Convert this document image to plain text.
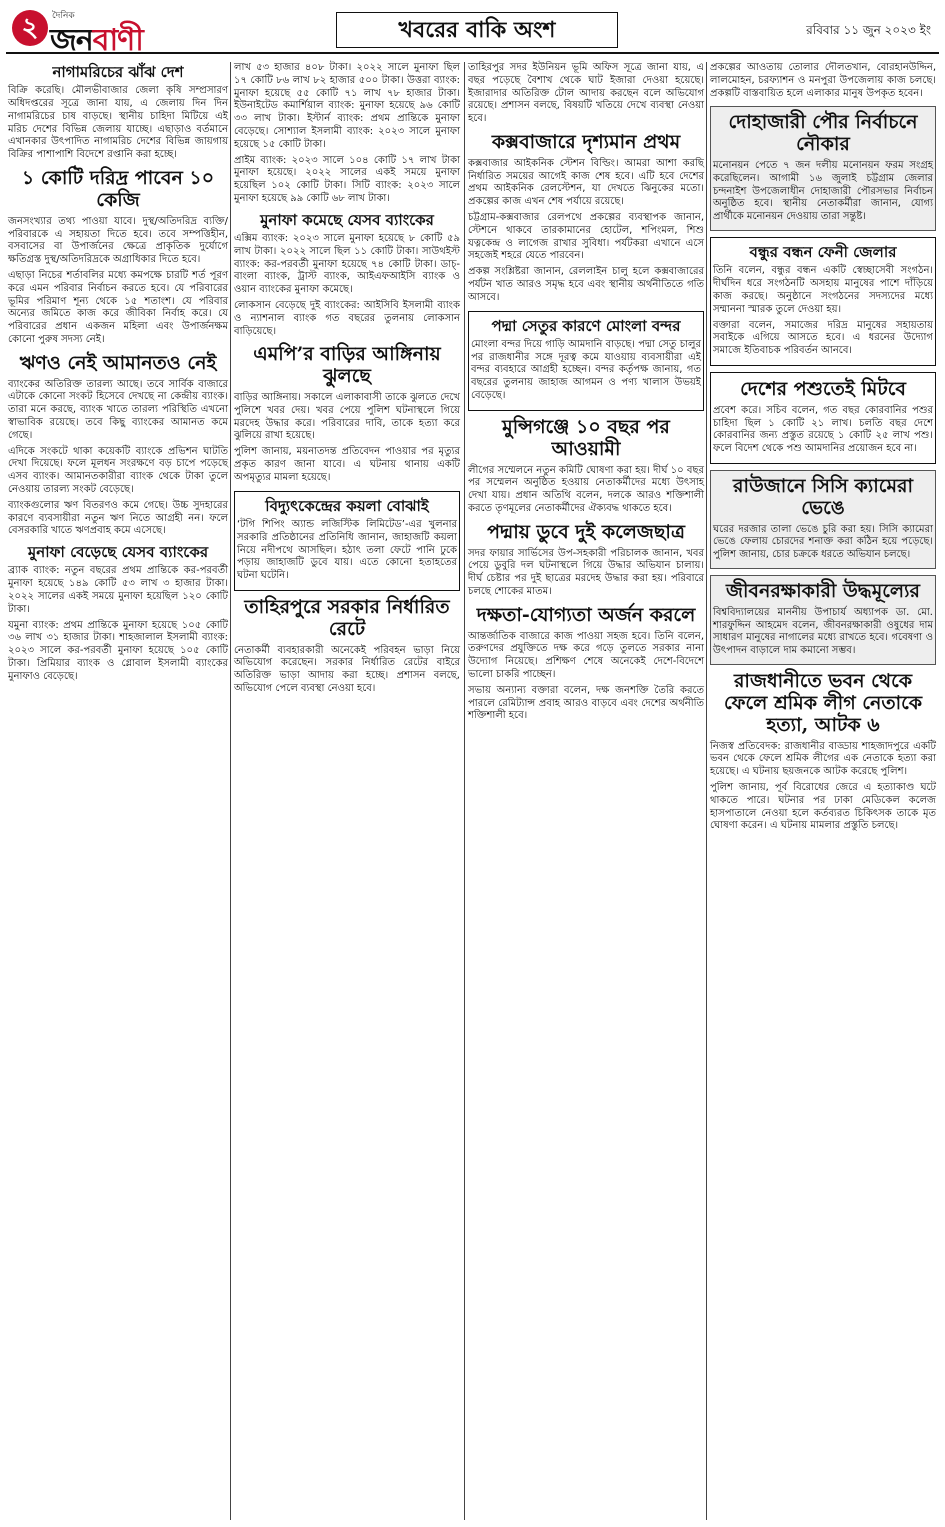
২	দৈনিক
জনবাণী	খবরের বাকি অংশ	রবিবার ১১ জুন ২০২৩ ইং
নাগামরিচের ঝাঁঝ দেশ

বিক্রি করেছি। মৌলভীবাজার জেলা কৃষি সম্প্রসারণ অধিদপ্তরের সূত্রে জানা যায়, এ জেলায় দিন দিন নাগামরিচের চাষ বাড়ছে। স্থানীয় চাহিদা মিটিয়ে এই মরিচ দেশের বিভিন্ন জেলায় যাচ্ছে। এছাড়াও বর্তমানে এখানকার উৎপাদিত নাগামরিচ দেশের বিভিন্ন জায়গায় বিক্রির পাশাপাশি বিদেশে রপ্তানি করা হচ্ছে।

১ কোটি দরিদ্র পাবেন ১০ কেজি

জনসংখ্যার তথ্য পাওয়া যাবে। দুস্থ/অতিদরিদ্র ব্যক্তি/পরিবারকে এ সহায়তা দিতে হবে। তবে সম্পত্তিহীন, বসবাসের বা উপার্জনের ক্ষেত্রে প্রাকৃতিক দুর্যোগে ক্ষতিগ্রস্ত দুস্থ/অতিদরিদ্রকে অগ্রাধিকার দিতে হবে।

এছাড়া নিচের শর্তাবলির মধ্যে কমপক্ষে চারটি শর্ত পূরণ করে এমন পরিবার নির্বাচন করতে হবে। যে পরিবারের ভূমির পরিমাণ শূন্য থেকে ১৫ শতাংশ। যে পরিবার অন্যের জমিতে কাজ করে জীবিকা নির্বাহ করে। যে পরিবারের প্রধান একজন মহিলা এবং উপার্জনক্ষম কোনো পুরুষ সদস্য নেই।

ঋণও নেই আমানতও নেই

ব্যাংকের অতিরিক্ত তারল্য আছে। তবে সার্বিক বাজারে এটাকে কোনো সংকট হিসেবে দেখছে না কেন্দ্রীয় ব্যাংক। তারা মনে করছে, ব্যাংক খাতে তারল্য পরিস্থিতি এখনো স্বাভাবিক রয়েছে। তবে কিছু ব্যাংকের আমানত কমে গেছে।

এদিকে সংকটে থাকা কয়েকটি ব্যাংকে প্রভিশন ঘাটতি দেখা দিয়েছে। ফলে মূলধন সংরক্ষণে বড় চাপে পড়েছে এসব ব্যাংক। আমানতকারীরা ব্যাংক থেকে টাকা তুলে নেওয়ায় তারল্য সংকট বেড়েছে।

ব্যাংকগুলোর ঋণ বিতরণও কমে গেছে। উচ্চ সুদহারের কারণে ব্যবসায়ীরা নতুন ঋণ নিতে আগ্রহী নন। ফলে বেসরকারি খাতে ঋণপ্রবাহ কমে এসেছে।

মুনাফা বেড়েছে যেসব ব্যাংকের

ব্র্যাক ব্যাংক: নতুন বছরের প্রথম প্রান্তিকে কর-পরবর্তী মুনাফা হয়েছে ১৪৯ কোটি ৫৩ লাখ ৩ হাজার টাকা। ২০২২ সালের একই সময়ে মুনাফা হয়েছিল ১২০ কোটি টাকা।

যমুনা ব্যাংক: প্রথম প্রান্তিকে মুনাফা হয়েছে ১০৫ কোটি ৩৬ লাখ ৩১ হাজার টাকা। শাহজালাল ইসলামী ব্যাংক: ২০২৩ সালে কর-পরবর্তী মুনাফা হয়েছে ১০৫ কোটি টাকা। প্রিমিয়ার ব্যাংক ও গ্লোবাল ইসলামী ব্যাংকের মুনাফাও বেড়েছে।

লাখ ৫৩ হাজার ৪০৮ টাকা। ২০২২ সালে মুনাফা ছিল ১৭ কোটি ৮৬ লাখ ৮২ হাজার ৫০০ টাকা। উত্তরা ব্যাংক: মুনাফা হয়েছে ৫৫ কোটি ৭১ লাখ ৭৮ হাজার টাকা। ইউনাইটেড কমার্শিয়াল ব্যাংক: মুনাফা হয়েছে ৯৬ কোটি ৩৩ লাখ টাকা। ইস্টার্ন ব্যাংক: প্রথম প্রান্তিকে মুনাফা বেড়েছে। সোশ্যাল ইসলামী ব্যাংক: ২০২৩ সালে মুনাফা হয়েছে ১৫ কোটি টাকা।

প্রাইম ব্যাংক: ২০২৩ সালে ১০৪ কোটি ১৭ লাখ টাকা মুনাফা হয়েছে। ২০২২ সালের একই সময়ে মুনাফা হয়েছিল ১০২ কোটি টাকা। সিটি ব্যাংক: ২০২৩ সালে মুনাফা হয়েছে ৯৯ কোটি ৬৮ লাখ টাকা।

মুনাফা কমেছে যেসব ব্যাংকের

এক্সিম ব্যাংক: ২০২৩ সালে মুনাফা হয়েছে ৮ কোটি ৫৯ লাখ টাকা। ২০২২ সালে ছিল ১১ কোটি টাকা। সাউথইস্ট ব্যাংক: কর-পরবর্তী মুনাফা হয়েছে ৭৪ কোটি টাকা। ডাচ্-বাংলা ব্যাংক, ট্রাস্ট ব্যাংক, আইএফআইসি ব্যাংক ও ওয়ান ব্যাংকের মুনাফা কমেছে।

লোকসান বেড়েছে দুই ব্যাংকের: আইসিবি ইসলামী ব্যাংক ও ন্যাশনাল ব্যাংক গত বছরের তুলনায় লোকসান বাড়িয়েছে।

এমপি’র বাড়ির আঙ্গিনায় ঝুলছে

বাড়ির আঙ্গিনায়। সকালে এলাকাবাসী তাকে ঝুলতে দেখে পুলিশে খবর দেয়। খবর পেয়ে পুলিশ ঘটনাস্থলে গিয়ে মরদেহ উদ্ধার করে। পরিবারের দাবি, তাকে হত্যা করে ঝুলিয়ে রাখা হয়েছে।

পুলিশ জানায়, ময়নাতদন্ত প্রতিবেদন পাওয়ার পর মৃত্যুর প্রকৃত কারণ জানা যাবে। এ ঘটনায় থানায় একটি অপমৃত্যুর মামলা হয়েছে।

বিদ্যুৎকেন্দ্রের কয়লা বোঝাই

‘টগি শিপিং অ্যান্ড লজিস্টিক লিমিটেড’-এর খুলনার সরকারি প্রতিষ্ঠানের প্রতিনিধি জানান, জাহাজটি কয়লা নিয়ে নদীপথে আসছিল। হঠাৎ তলা ফেটে পানি ঢুকে পড়ায় জাহাজটি ডুবে যায়। এতে কোনো হতাহতের ঘটনা ঘটেনি।

তাহিরপুরে সরকার নির্ধারিত রেটে

নেতাকর্মী ব্যবহারকারী অনেকেই পরিবহন ভাড়া নিয়ে অভিযোগ করেছেন। সরকার নির্ধারিত রেটের বাইরে অতিরিক্ত ভাড়া আদায় করা হচ্ছে। প্রশাসন বলছে, অভিযোগ পেলে ব্যবস্থা নেওয়া হবে।

তাহিরপুর সদর ইউনিয়ন ভূমি অফিস সূত্রে জানা যায়, এ বছর পড়েছে বৈশাখ থেকে ঘাট ইজারা দেওয়া হয়েছে। ইজারাদার অতিরিক্ত টোল আদায় করছেন বলে অভিযোগ রয়েছে। প্রশাসন বলছে, বিষয়টি খতিয়ে দেখে ব্যবস্থা নেওয়া হবে।

কক্সবাজারে দৃশ্যমান প্রথম

কক্সবাজার আইকনিক স্টেশন বিল্ডিং। আমরা আশা করছি নির্ধারিত সময়ের আগেই কাজ শেষ হবে। এটি হবে দেশের প্রথম আইকনিক রেলস্টেশন, যা দেখতে ঝিনুকের মতো। প্রকল্পের কাজ এখন শেষ পর্যায়ে রয়েছে।

চট্টগ্রাম-কক্সবাজার রেলপথে প্রকল্পের ব্যবস্থাপক জানান, স্টেশনে থাকবে তারকামানের হোটেল, শপিংমল, শিশু যত্নকেন্দ্র ও লাগেজ রাখার সুবিধা। পর্যটকরা এখানে এসে সহজেই শহরে যেতে পারবেন।

প্রকল্প সংশ্লিষ্টরা জানান, রেললাইন চালু হলে কক্সবাজারের পর্যটন খাত আরও সমৃদ্ধ হবে এবং স্থানীয় অর্থনীতিতে গতি আসবে।

পদ্মা সেতুর কারণে মোংলা বন্দর

মোংলা বন্দর দিয়ে গাড়ি আমদানি বাড়ছে। পদ্মা সেতু চালুর পর রাজধানীর সঙ্গে দূরত্ব কমে যাওয়ায় ব্যবসায়ীরা এই বন্দর ব্যবহারে আগ্রহী হচ্ছেন। বন্দর কর্তৃপক্ষ জানায়, গত বছরের তুলনায় জাহাজ আগমন ও পণ্য খালাস উভয়ই বেড়েছে।

মুন্সিগঞ্জে ১০ বছর পর আওয়ামী

লীগের সম্মেলনে নতুন কমিটি ঘোষণা করা হয়। দীর্ঘ ১০ বছর পর সম্মেলন অনুষ্ঠিত হওয়ায় নেতাকর্মীদের মধ্যে উৎসাহ দেখা যায়। প্রধান অতিথি বলেন, দলকে আরও শক্তিশালী করতে তৃণমূলের নেতাকর্মীদের ঐক্যবদ্ধ থাকতে হবে।

পদ্মায় ডুবে দুই কলেজছাত্র

সদর ফায়ার সার্ভিসের উপ-সহকারী পরিচালক জানান, খবর পেয়ে ডুবুরি দল ঘটনাস্থলে গিয়ে উদ্ধার অভিযান চালায়। দীর্ঘ চেষ্টার পর দুই ছাত্রের মরদেহ উদ্ধার করা হয়। পরিবারে চলছে শোকের মাতম।

দক্ষতা-যোগ্যতা অর্জন করলে

আন্তর্জাতিক বাজারে কাজ পাওয়া সহজ হবে। তিনি বলেন, তরুণদের প্রযুক্তিতে দক্ষ করে গড়ে তুলতে সরকার নানা উদ্যোগ নিয়েছে। প্রশিক্ষণ শেষে অনেকেই দেশে-বিদেশে ভালো চাকরি পাচ্ছেন।

সভায় অন্যান্য বক্তারা বলেন, দক্ষ জনশক্তি তৈরি করতে পারলে রেমিট্যান্স প্রবাহ আরও বাড়বে এবং দেশের অর্থনীতি শক্তিশালী হবে।

প্রকল্পের আওতায় তোলার দৌলতখান, বোরহানউদ্দিন, লালমোহন, চরফ্যাশন ও মনপুরা উপজেলায় কাজ চলছে। প্রকল্পটি বাস্তবায়িত হলে এলাকার মানুষ উপকৃত হবেন।

দোহাজারী পৌর নির্বাচনে নৌকার

মনোনয়ন পেতে ৭ জন দলীয় মনোনয়ন ফরম সংগ্রহ করেছিলেন। আগামী ১৬ জুলাই চট্টগ্রাম জেলার চন্দনাইশ উপজেলাধীন দোহাজারী পৌরসভার নির্বাচন অনুষ্ঠিত হবে। স্থানীয় নেতাকর্মীরা জানান, যোগ্য প্রার্থীকে মনোনয়ন দেওয়ায় তারা সন্তুষ্ট।

বন্ধুর বন্ধন ফেনী জেলার

তিনি বলেন, বন্ধুর বন্ধন একটি স্বেচ্ছাসেবী সংগঠন। দীর্ঘদিন ধরে সংগঠনটি অসহায় মানুষের পাশে দাঁড়িয়ে কাজ করছে। অনুষ্ঠানে সংগঠনের সদস্যদের মধ্যে সম্মাননা স্মারক তুলে দেওয়া হয়।

বক্তারা বলেন, সমাজের দরিদ্র মানুষের সহায়তায় সবাইকে এগিয়ে আসতে হবে। এ ধরনের উদ্যোগ সমাজে ইতিবাচক পরিবর্তন আনবে।

দেশের পশুতেই মিটবে

প্রবেশ করে। সচিব বলেন, গত বছর কোরবানির পশুর চাহিদা ছিল ১ কোটি ২১ লাখ। চলতি বছর দেশে কোরবানির জন্য প্রস্তুত রয়েছে ১ কোটি ২৫ লাখ পশু। ফলে বিদেশ থেকে পশু আমদানির প্রয়োজন হবে না।

রাউজানে সিসি ক্যামেরা ভেঙে

ঘরের দরজার তালা ভেঙে চুরি করা হয়। সিসি ক্যামেরা ভেঙে ফেলায় চোরদের শনাক্ত করা কঠিন হয়ে পড়েছে। পুলিশ জানায়, চোর চক্রকে ধরতে অভিযান চলছে।

জীবনরক্ষাকারী উদ্ধমূল্যের

বিশ্ববিদ্যালয়ের মাননীয় উপাচার্য অধ্যাপক ডা. মো. শারফুদ্দিন আহমেদ বলেন, জীবনরক্ষাকারী ওষুধের দাম সাধারণ মানুষের নাগালের মধ্যে রাখতে হবে। গবেষণা ও উৎপাদন বাড়ালে দাম কমানো সম্ভব।

রাজধানীতে ভবন থেকে ফেলে শ্রমিক লীগ নেতাকে হত্যা, আটক ৬

নিজস্ব প্রতিবেদক: রাজধানীর বাড্ডায় শাহজাদপুরে একটি ভবন থেকে ফেলে শ্রমিক লীগের এক নেতাকে হত্যা করা হয়েছে। এ ঘটনায় ছয়জনকে আটক করেছে পুলিশ।

পুলিশ জানায়, পূর্ব বিরোধের জেরে এ হত্যাকাণ্ড ঘটে থাকতে পারে। ঘটনার পর ঢাকা মেডিকেল কলেজ হাসপাতালে নেওয়া হলে কর্তব্যরত চিকিৎসক তাকে মৃত ঘোষণা করেন। এ ঘটনায় মামলার প্রস্তুতি চলছে।
